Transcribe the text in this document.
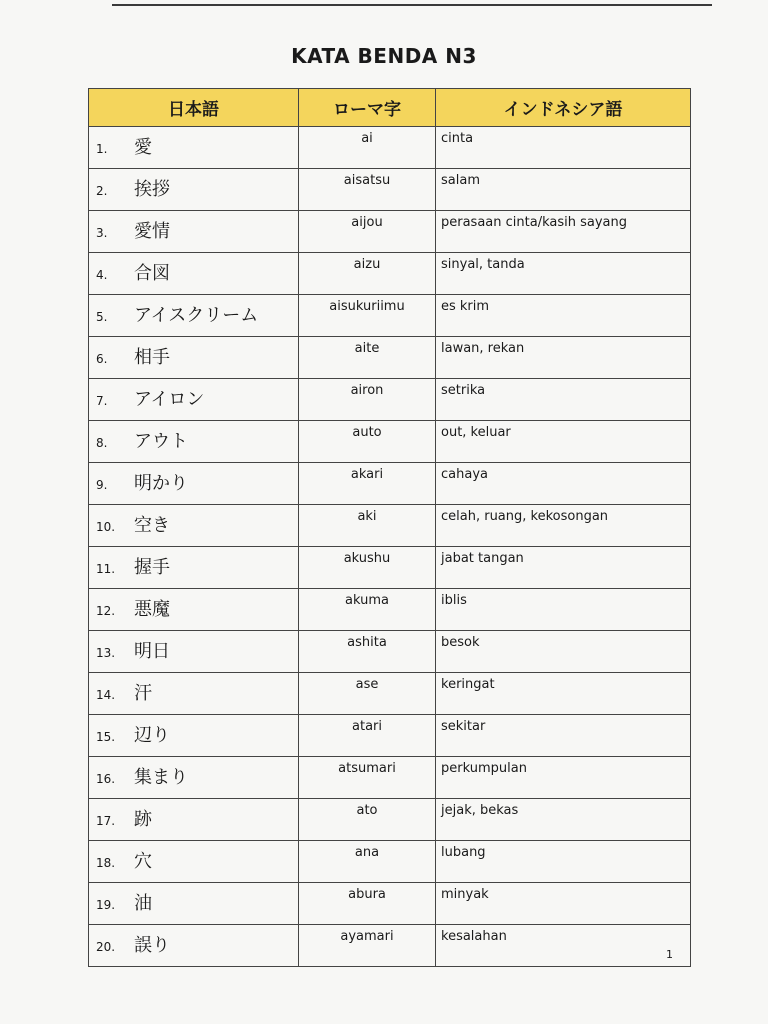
KATA BENDA N3
日本語	ローマ字	インドネシア語

1. 愛	ai	cinta

2. 挨拶	aisatsu	salam

3. 愛情	aijou	perasaan cinta/kasih sayang

4. 合図	aizu	sinyal, tanda

5. アイスクリーム	aisukuriimu	es krim

6. 相手	aite	lawan, rekan

7. アイロン	airon	setrika

8. アウト	auto	out, keluar

9. 明かり	akari	cahaya

10. 空き	aki	celah, ruang, kekosongan

11. 握手	akushu	jabat tangan

12. 悪魔	akuma	iblis

13. 明日	ashita	besok

14. 汗	ase	keringat

15. 辺り	atari	sekitar

16. 集まり	atsumari	perkumpulan

17. 跡	ato	jejak, bekas

18. 穴	ana	lubang

19. 油	abura	minyak

20. 誤り	ayamari	kesalahan
1
